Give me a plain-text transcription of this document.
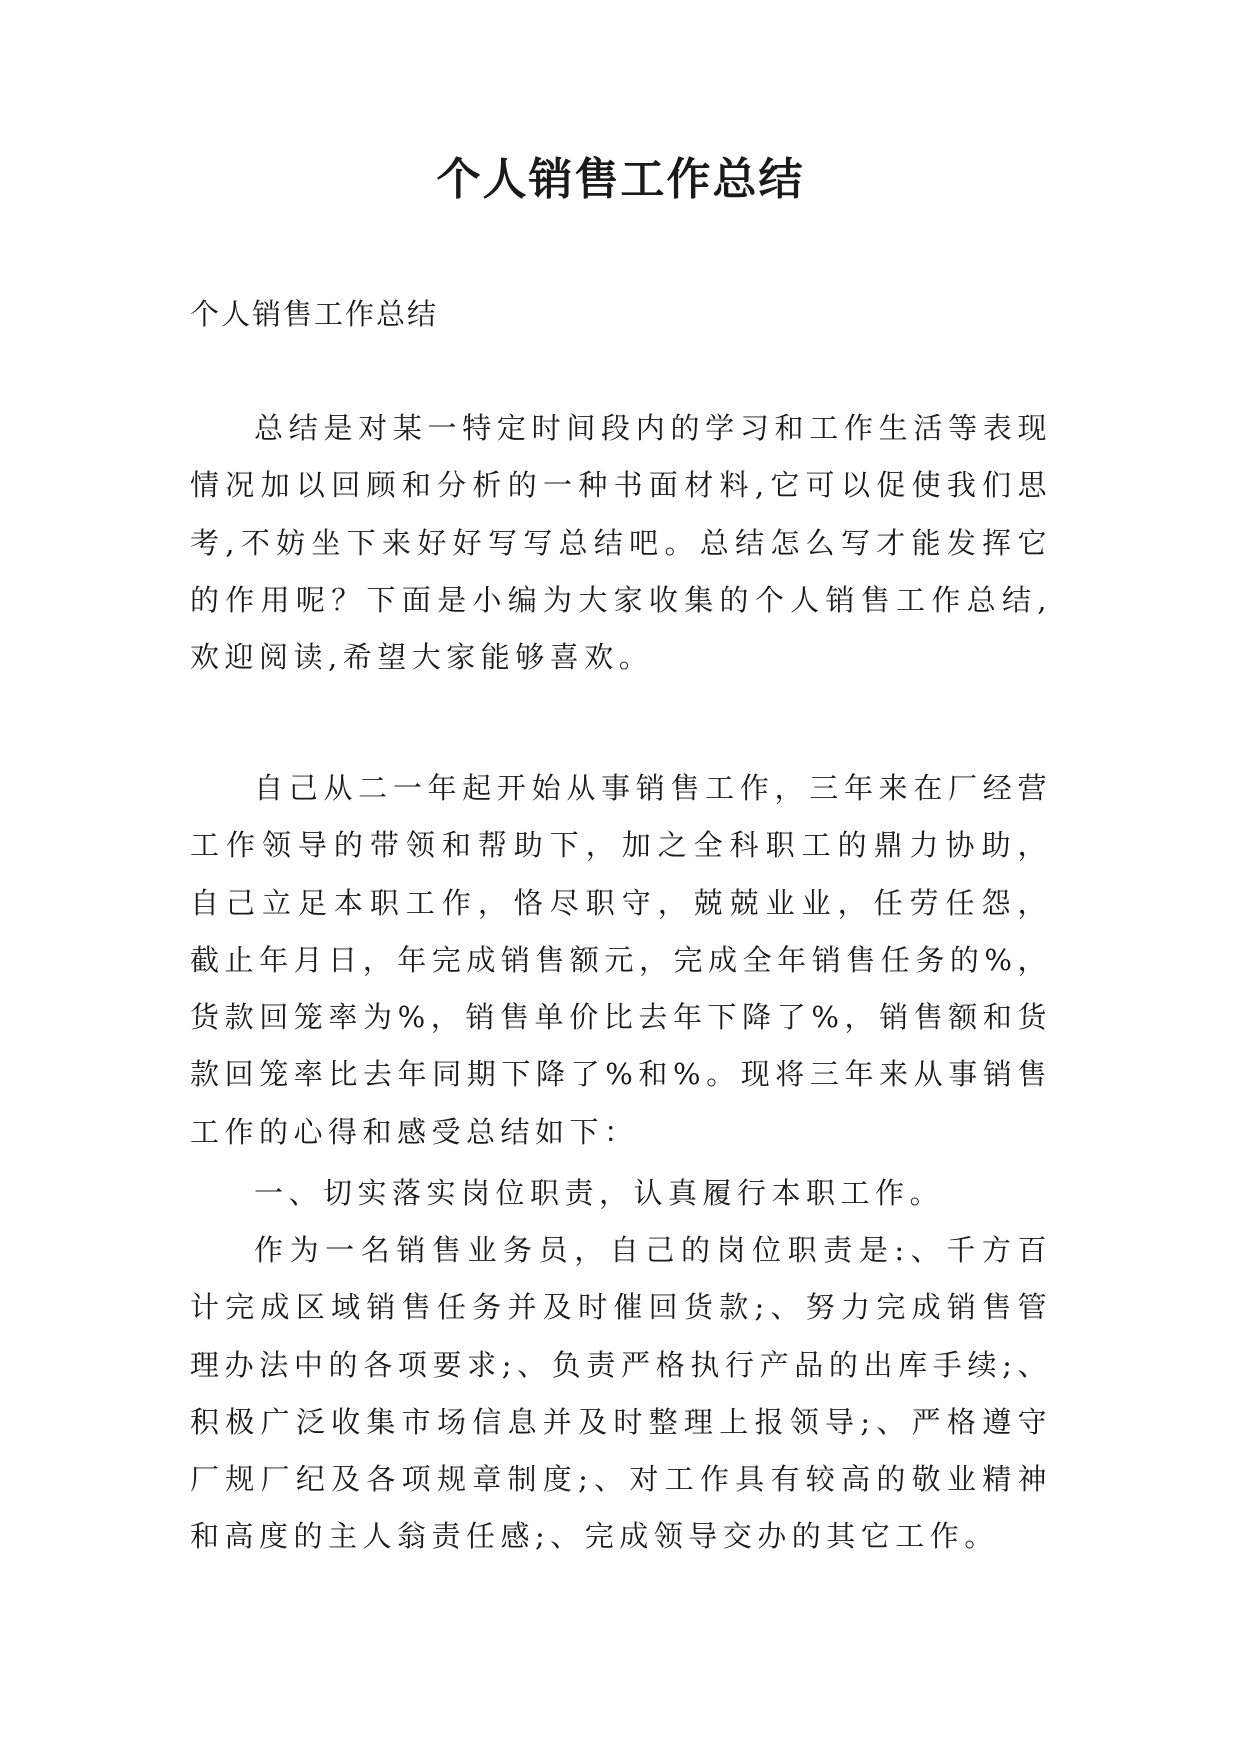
个人销售工作总结

个人销售工作总结

总结是对某一特定时间段内的学习和工作生活等表现情况加以回顾和分析的一种书面材料,它可以促使我们思考,不妨坐下来好好写写总结吧。总结怎么写才能发挥它的作用呢？下面是小编为大家收集的个人销售工作总结,欢迎阅读,希望大家能够喜欢。

自己从二一年起开始从事销售工作，三年来在厂经营工作领导的带领和帮助下，加之全科职工的鼎力协助，自己立足本职工作，恪尽职守，兢兢业业，任劳任怨，截止年月日，年完成销售额元，完成全年销售任务的%，货款回笼率为%，销售单价比去年下降了%，销售额和货款回笼率比去年同期下降了%和%。现将三年来从事销售工作的心得和感受总结如下：

一、切实落实岗位职责，认真履行本职工作。

作为一名销售业务员，自己的岗位职责是:、千方百计完成区域销售任务并及时催回货款;、努力完成销售管理办法中的各项要求;、负责严格执行产品的出库手续;、积极广泛收集市场信息并及时整理上报领导;、严格遵守厂规厂纪及各项规章制度;、对工作具有较高的敬业精神和高度的主人翁责任感;、完成领导交办的其它工作。
